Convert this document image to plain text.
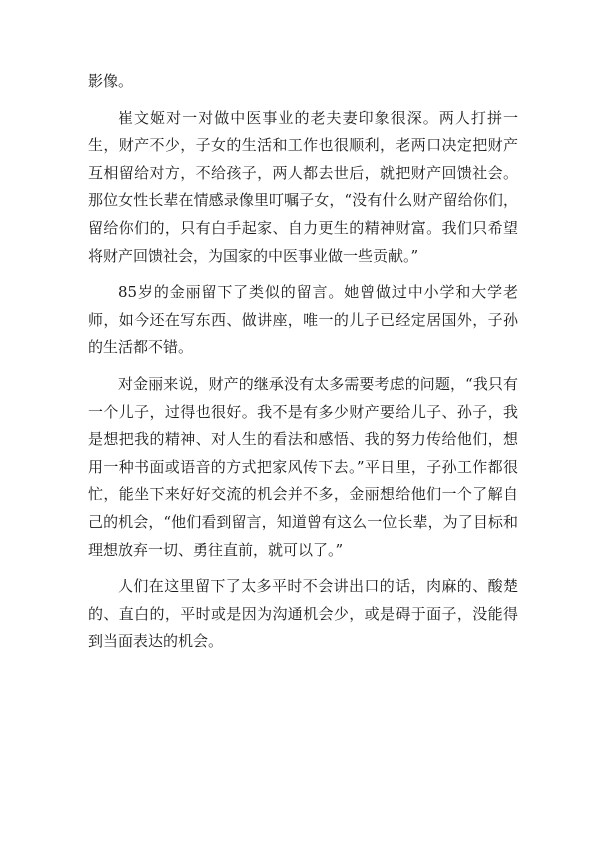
影像。

崔文姬对一对做中医事业的老夫妻印象很深。两人打拼一生，财产不少，子女的生活和工作也很顺利，老两口决定把财产互相留给对方，不给孩子，两人都去世后，就把财产回馈社会。那位女性长辈在情感录像里叮嘱子女，“没有什么财产留给你们，留给你们的，只有白手起家、自力更生的精神财富。我们只希望将财产回馈社会，为国家的中医事业做一些贡献。”

85岁的金丽留下了类似的留言。她曾做过中小学和大学老师，如今还在写东西、做讲座，唯一的儿子已经定居国外，子孙的生活都不错。

对金丽来说，财产的继承没有太多需要考虑的问题，“我只有一个儿子，过得也很好。我不是有多少财产要给儿子、孙子，我是想把我的精神、对人生的看法和感悟、我的努力传给他们，想用一种书面或语音的方式把家风传下去。”平日里，子孙工作都很忙，能坐下来好好交流的机会并不多，金丽想给他们一个了解自己的机会，“他们看到留言，知道曾有这么一位长辈，为了目标和理想放弃一切、勇往直前，就可以了。”

人们在这里留下了太多平时不会讲出口的话，肉麻的、酸楚的、直白的，平时或是因为沟通机会少，或是碍于面子，没能得到当面表达的机会。
